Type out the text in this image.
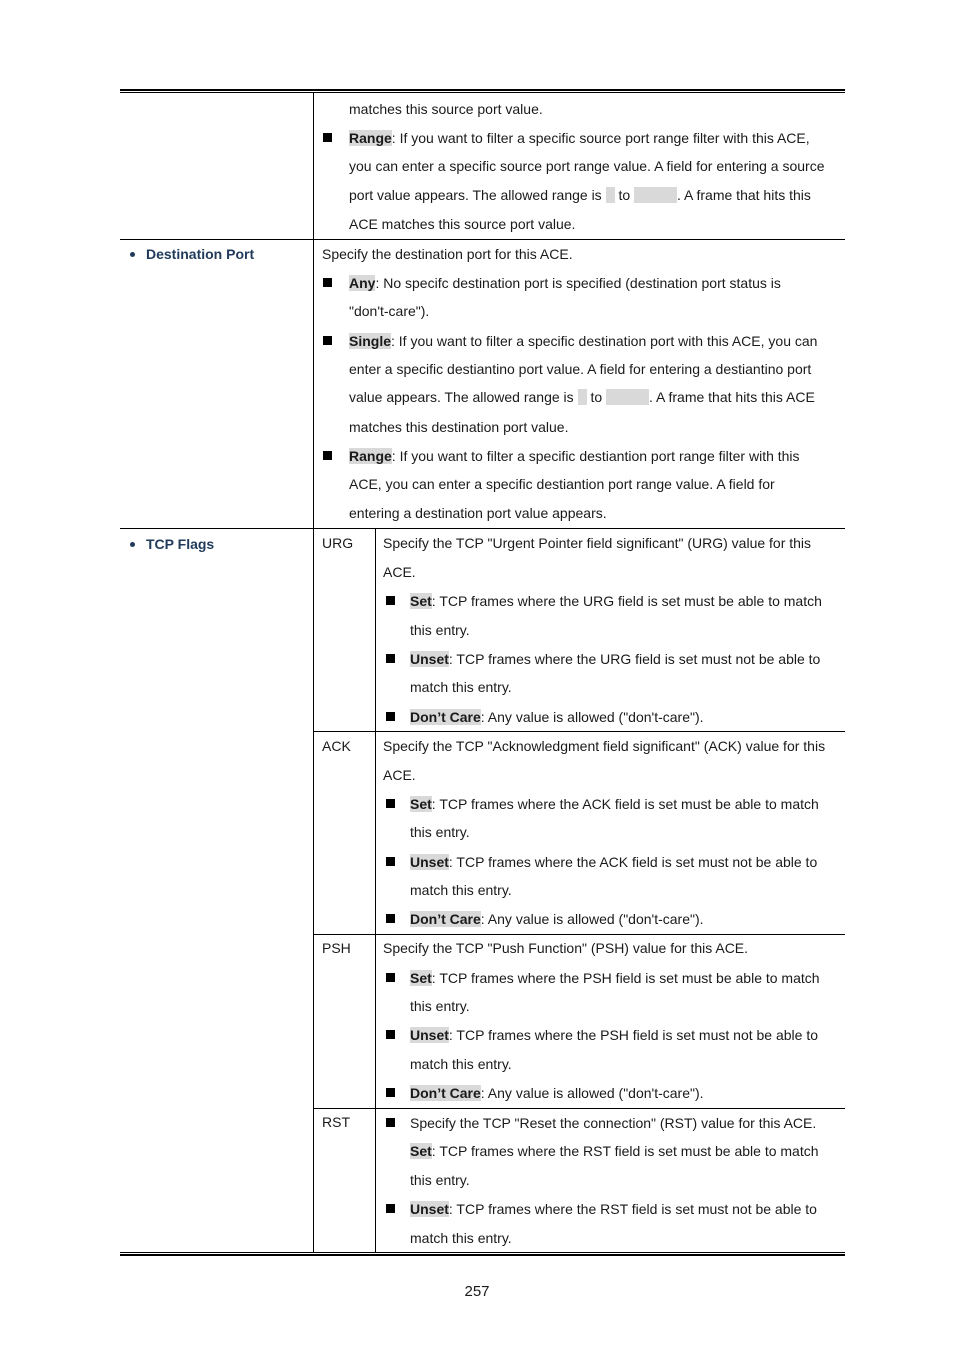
matches this source port value.
Range: If you want to filter a specific source port range filter with this ACE,
you can enter a specific source port range value. A field for entering a source
port value appears. The allowed range is to	. A frame that hits this
ACE matches this source port value.
Destination Port	Specify the destination port for this ACE.
Any: No specifc destination port is specified (destination port status is
"don't-care").
Single: If you want to filter a specific destination port with this ACE, you can
enter a specific destiantino port value. A field for entering a destiantino port
value appears. The allowed range is to	. A frame that hits this ACE
matches this destination port value.
Range: If you want to filter a specific destiantion port range filter with this
ACE, you can enter a specific destiantion port range value. A field for
entering a destination port value appears.
TCP Flags	URG Specify the TCP "Urgent Pointer field significant" (URG) value for this
ACE.
Set: TCP frames where the URG field is set must be able to match
this entry.
Unset: TCP frames where the URG field is set must not be able to
match this entry.
Don’t Care: Any value is allowed ("don't-care").
ACK Specify the TCP "Acknowledgment field significant" (ACK) value for this
ACE.
Set: TCP frames where the ACK field is set must be able to match
this entry.
Unset: TCP frames where the ACK field is set must not be able to
match this entry.
Don’t Care: Any value is allowed ("don't-care").
PSH Specify the TCP "Push Function" (PSH) value for this ACE.
Set: TCP frames where the PSH field is set must be able to match
this entry.
Unset: TCP frames where the PSH field is set must not be able to
match this entry.
Don’t Care: Any value is allowed ("don't-care").
RST	Specify the TCP "Reset the connection" (RST) value for this ACE.
Set: TCP frames where the RST field is set must be able to match
this entry.
Unset: TCP frames where the RST field is set must not be able to
match this entry.
257
